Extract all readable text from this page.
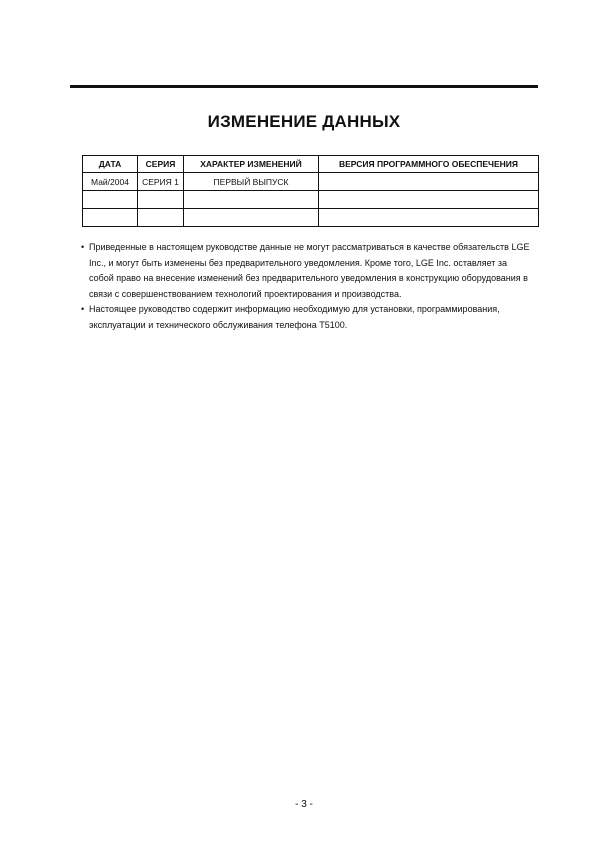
ИЗМЕНЕНИЕ ДАННЫХ
ДАТА	СЕРИЯ	ХАРАКТЕР ИЗМЕНЕНИЙ	ВЕРСИЯ ПРОГРАММНОГО ОБЕСПЕЧЕНИЯ
Май/2004	СЕРИЯ 1	ПЕРВЫЙ ВЫПУСК	

• Приведенные в настоящем руководстве данные не могут рассматриваться в качестве обязательств LGE Inc., и могут быть изменены без предварительного уведомления. Кроме того, LGE Inc. оставляет за собой право на внесение изменений без предварительного уведомления в конструкцию оборудования в связи с совершенствованием технологий проектирования и производства.
• Настоящее руководство содержит информацию необходимую для установки, программирования, эксплуатации и технического обслуживания телефона T5100.
- 3 -
